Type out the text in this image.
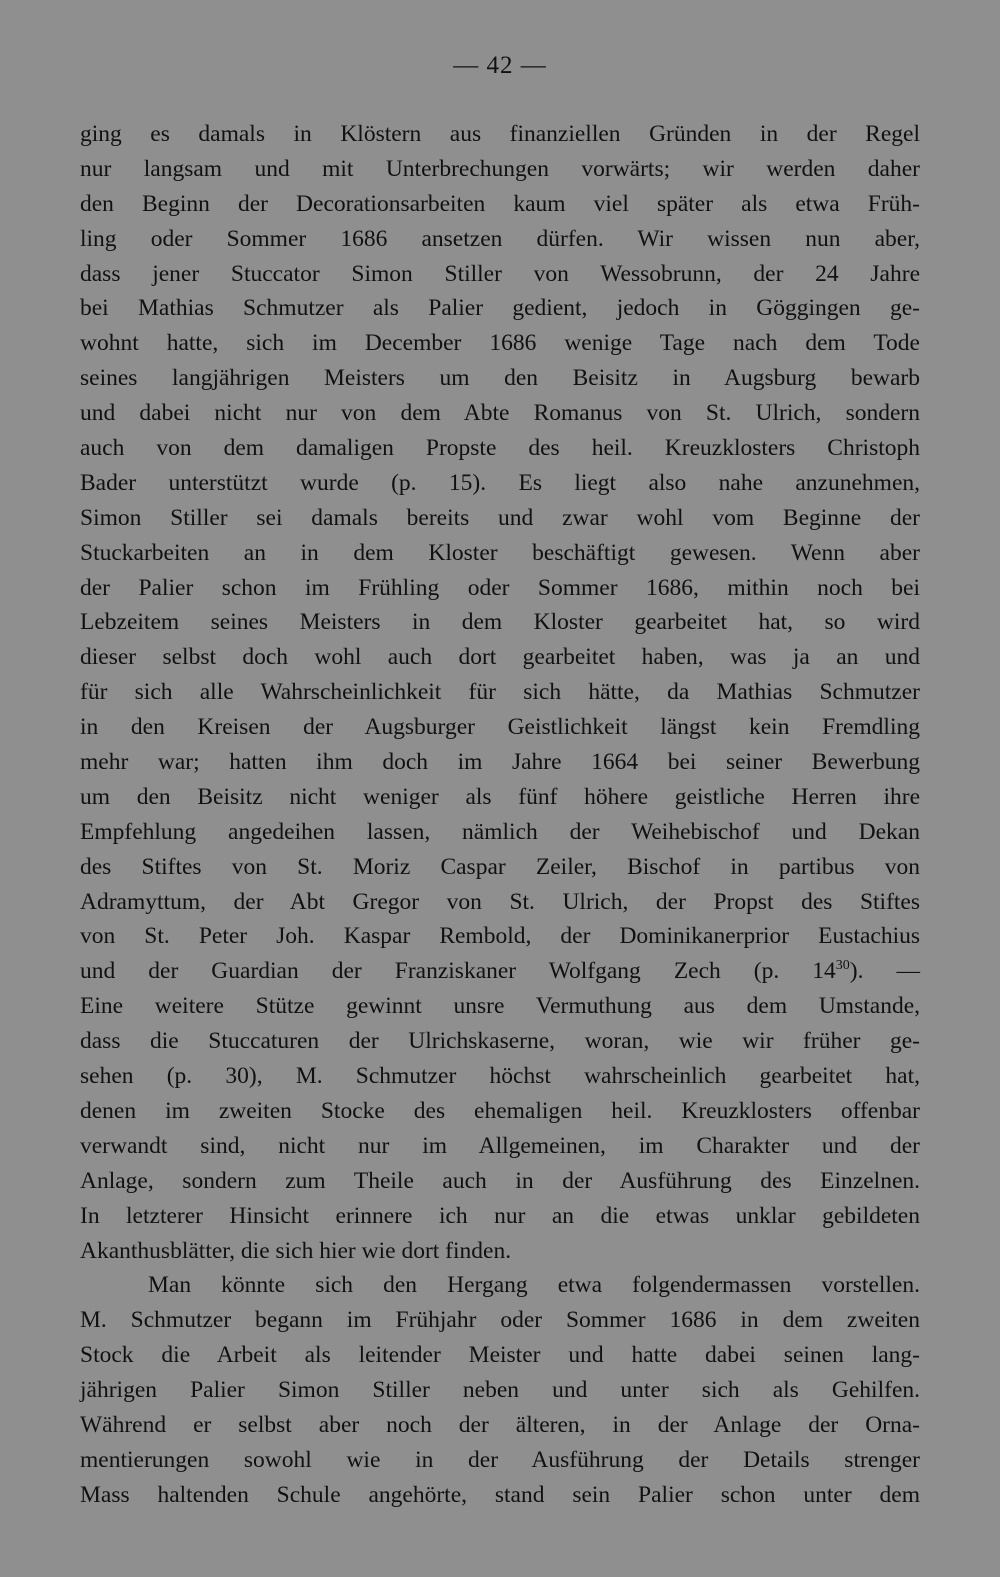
— 42 —
ging es damals in Klöstern aus finanziellen Gründen in der Regel
nur langsam und mit Unterbrechungen vorwärts; wir werden daher
den Beginn der Decorationsarbeiten kaum viel später als etwa Früh-
ling oder Sommer 1686 ansetzen dürfen. Wir wissen nun aber,
dass jener Stuccator Simon Stiller von Wessobrunn, der 24 Jahre
bei Mathias Schmutzer als Palier gedient, jedoch in Göggingen ge-
wohnt hatte, sich im December 1686 wenige Tage nach dem Tode
seines langjährigen Meisters um den Beisitz in Augsburg bewarb
und dabei nicht nur von dem Abte Romanus von St. Ulrich, sondern
auch von dem damaligen Propste des heil. Kreuzklosters Christoph
Bader unterstützt wurde (p. 15). Es liegt also nahe anzunehmen,
Simon Stiller sei damals bereits und zwar wohl vom Beginne der
Stuckarbeiten an in dem Kloster beschäftigt gewesen. Wenn aber
der Palier schon im Frühling oder Sommer 1686, mithin noch bei
Lebzeitem seines Meisters in dem Kloster gearbeitet hat, so wird
dieser selbst doch wohl auch dort gearbeitet haben, was ja an und
für sich alle Wahrscheinlichkeit für sich hätte, da Mathias Schmutzer
in den Kreisen der Augsburger Geistlichkeit längst kein Fremdling
mehr war; hatten ihm doch im Jahre 1664 bei seiner Bewerbung
um den Beisitz nicht weniger als fünf höhere geistliche Herren ihre
Empfehlung angedeihen lassen, nämlich der Weihebischof und Dekan
des Stiftes von St. Moriz Caspar Zeiler, Bischof in partibus von
Adramyttum, der Abt Gregor von St. Ulrich, der Propst des Stiftes
von St. Peter Joh. Kaspar Rembold, der Dominikanerprior Eustachius
und der Guardian der Franziskaner Wolfgang Zech (p. $14^{30}$). —
Eine weitere Stütze gewinnt unsre Vermuthung aus dem Umstande,
dass die Stuccaturen der Ulrichskaserne, woran, wie wir früher ge-
sehen (p. 30), M. Schmutzer höchst wahrscheinlich gearbeitet hat,
denen im zweiten Stocke des ehemaligen heil. Kreuzklosters offenbar
verwandt sind, nicht nur im Allgemeinen, im Charakter und der
Anlage, sondern zum Theile auch in der Ausführung des Einzelnen.
In letzterer Hinsicht erinnere ich nur an die etwas unklar gebildeten
Akanthusblätter, die sich hier wie dort finden.
Man könnte sich den Hergang etwa folgendermassen vorstellen.
M. Schmutzer begann im Frühjahr oder Sommer 1686 in dem zweiten
Stock die Arbeit als leitender Meister und hatte dabei seinen lang-
jährigen Palier Simon Stiller neben und unter sich als Gehilfen.
Während er selbst aber noch der älteren, in der Anlage der Orna-
mentierungen sowohl wie in der Ausführung der Details strenger
Mass haltenden Schule angehörte, stand sein Palier schon unter dem
